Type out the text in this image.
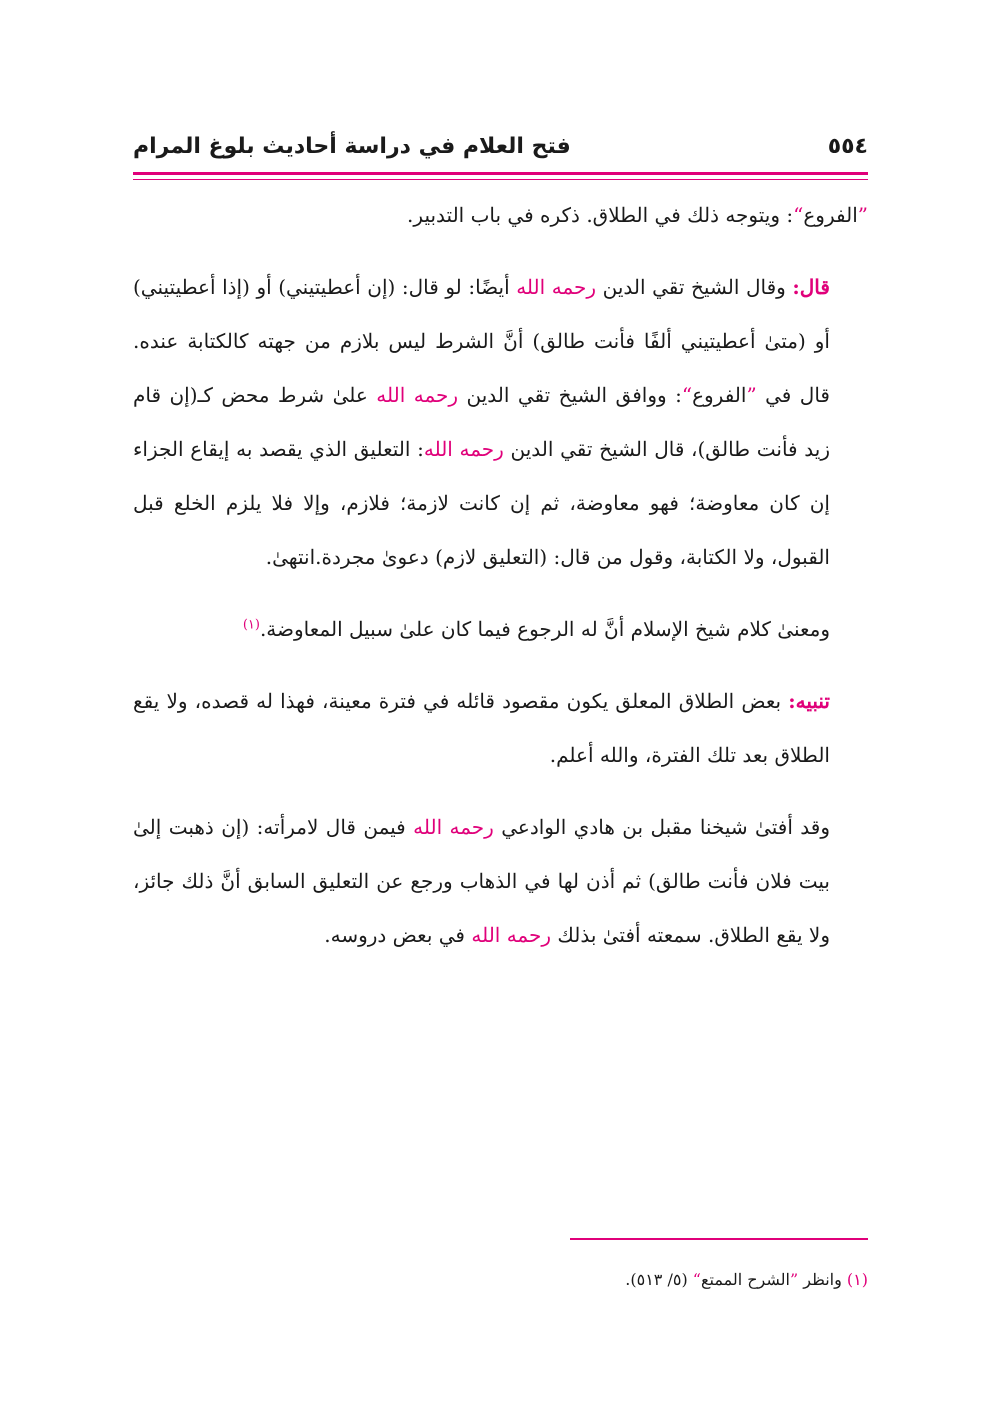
٥٥٤
فتح العلام في دراسة أحاديث بلوغ المرام

”الفروع“: ويتوجه ذلك في الطلاق. ذكره في باب التدبير.

قال: وقال الشيخ تقي الدين رحمه الله أيضًا: لو قال: (إن أعطيتيني) أو (إذا أعطيتيني) أو (متىٰ أعطيتيني ألفًا فأنت طالق) أنَّ الشرط ليس بلازم من جهته كالكتابة عنده. قال في ”الفروع“: ووافق الشيخ تقي الدين رحمه الله علىٰ شرط محض كـ(إن قام زيد فأنت طالق)، قال الشيخ تقي الدين رحمه الله: التعليق الذي يقصد به إيقاع الجزاء إن كان معاوضة؛ فهو معاوضة، ثم إن كانت لازمة؛ فلازم، وإلا فلا يلزم الخلع قبل القبول، ولا الكتابة، وقول من قال: (التعليق لازم) دعوىٰ مجردة.انتهىٰ.

ومعنىٰ كلام شيخ الإسلام أنَّ له الرجوع فيما كان علىٰ سبيل المعاوضة.$^{(١)}$

تنبيه: بعض الطلاق المعلق يكون مقصود قائله في فترة معينة، فهذا له قصده، ولا يقع الطلاق بعد تلك الفترة، والله أعلم.

وقد أفتىٰ شيخنا مقبل بن هادي الوادعي رحمه الله فيمن قال لامرأته: (إن ذهبت إلىٰ بيت فلان فأنت طالق) ثم أذن لها في الذهاب ورجع عن التعليق السابق أنَّ ذلك جائز، ولا يقع الطلاق. سمعته أفتىٰ بذلك رحمه الله في بعض دروسه.

(١) وانظر ”الشرح الممتع“ (٥/ ٥١٣).
